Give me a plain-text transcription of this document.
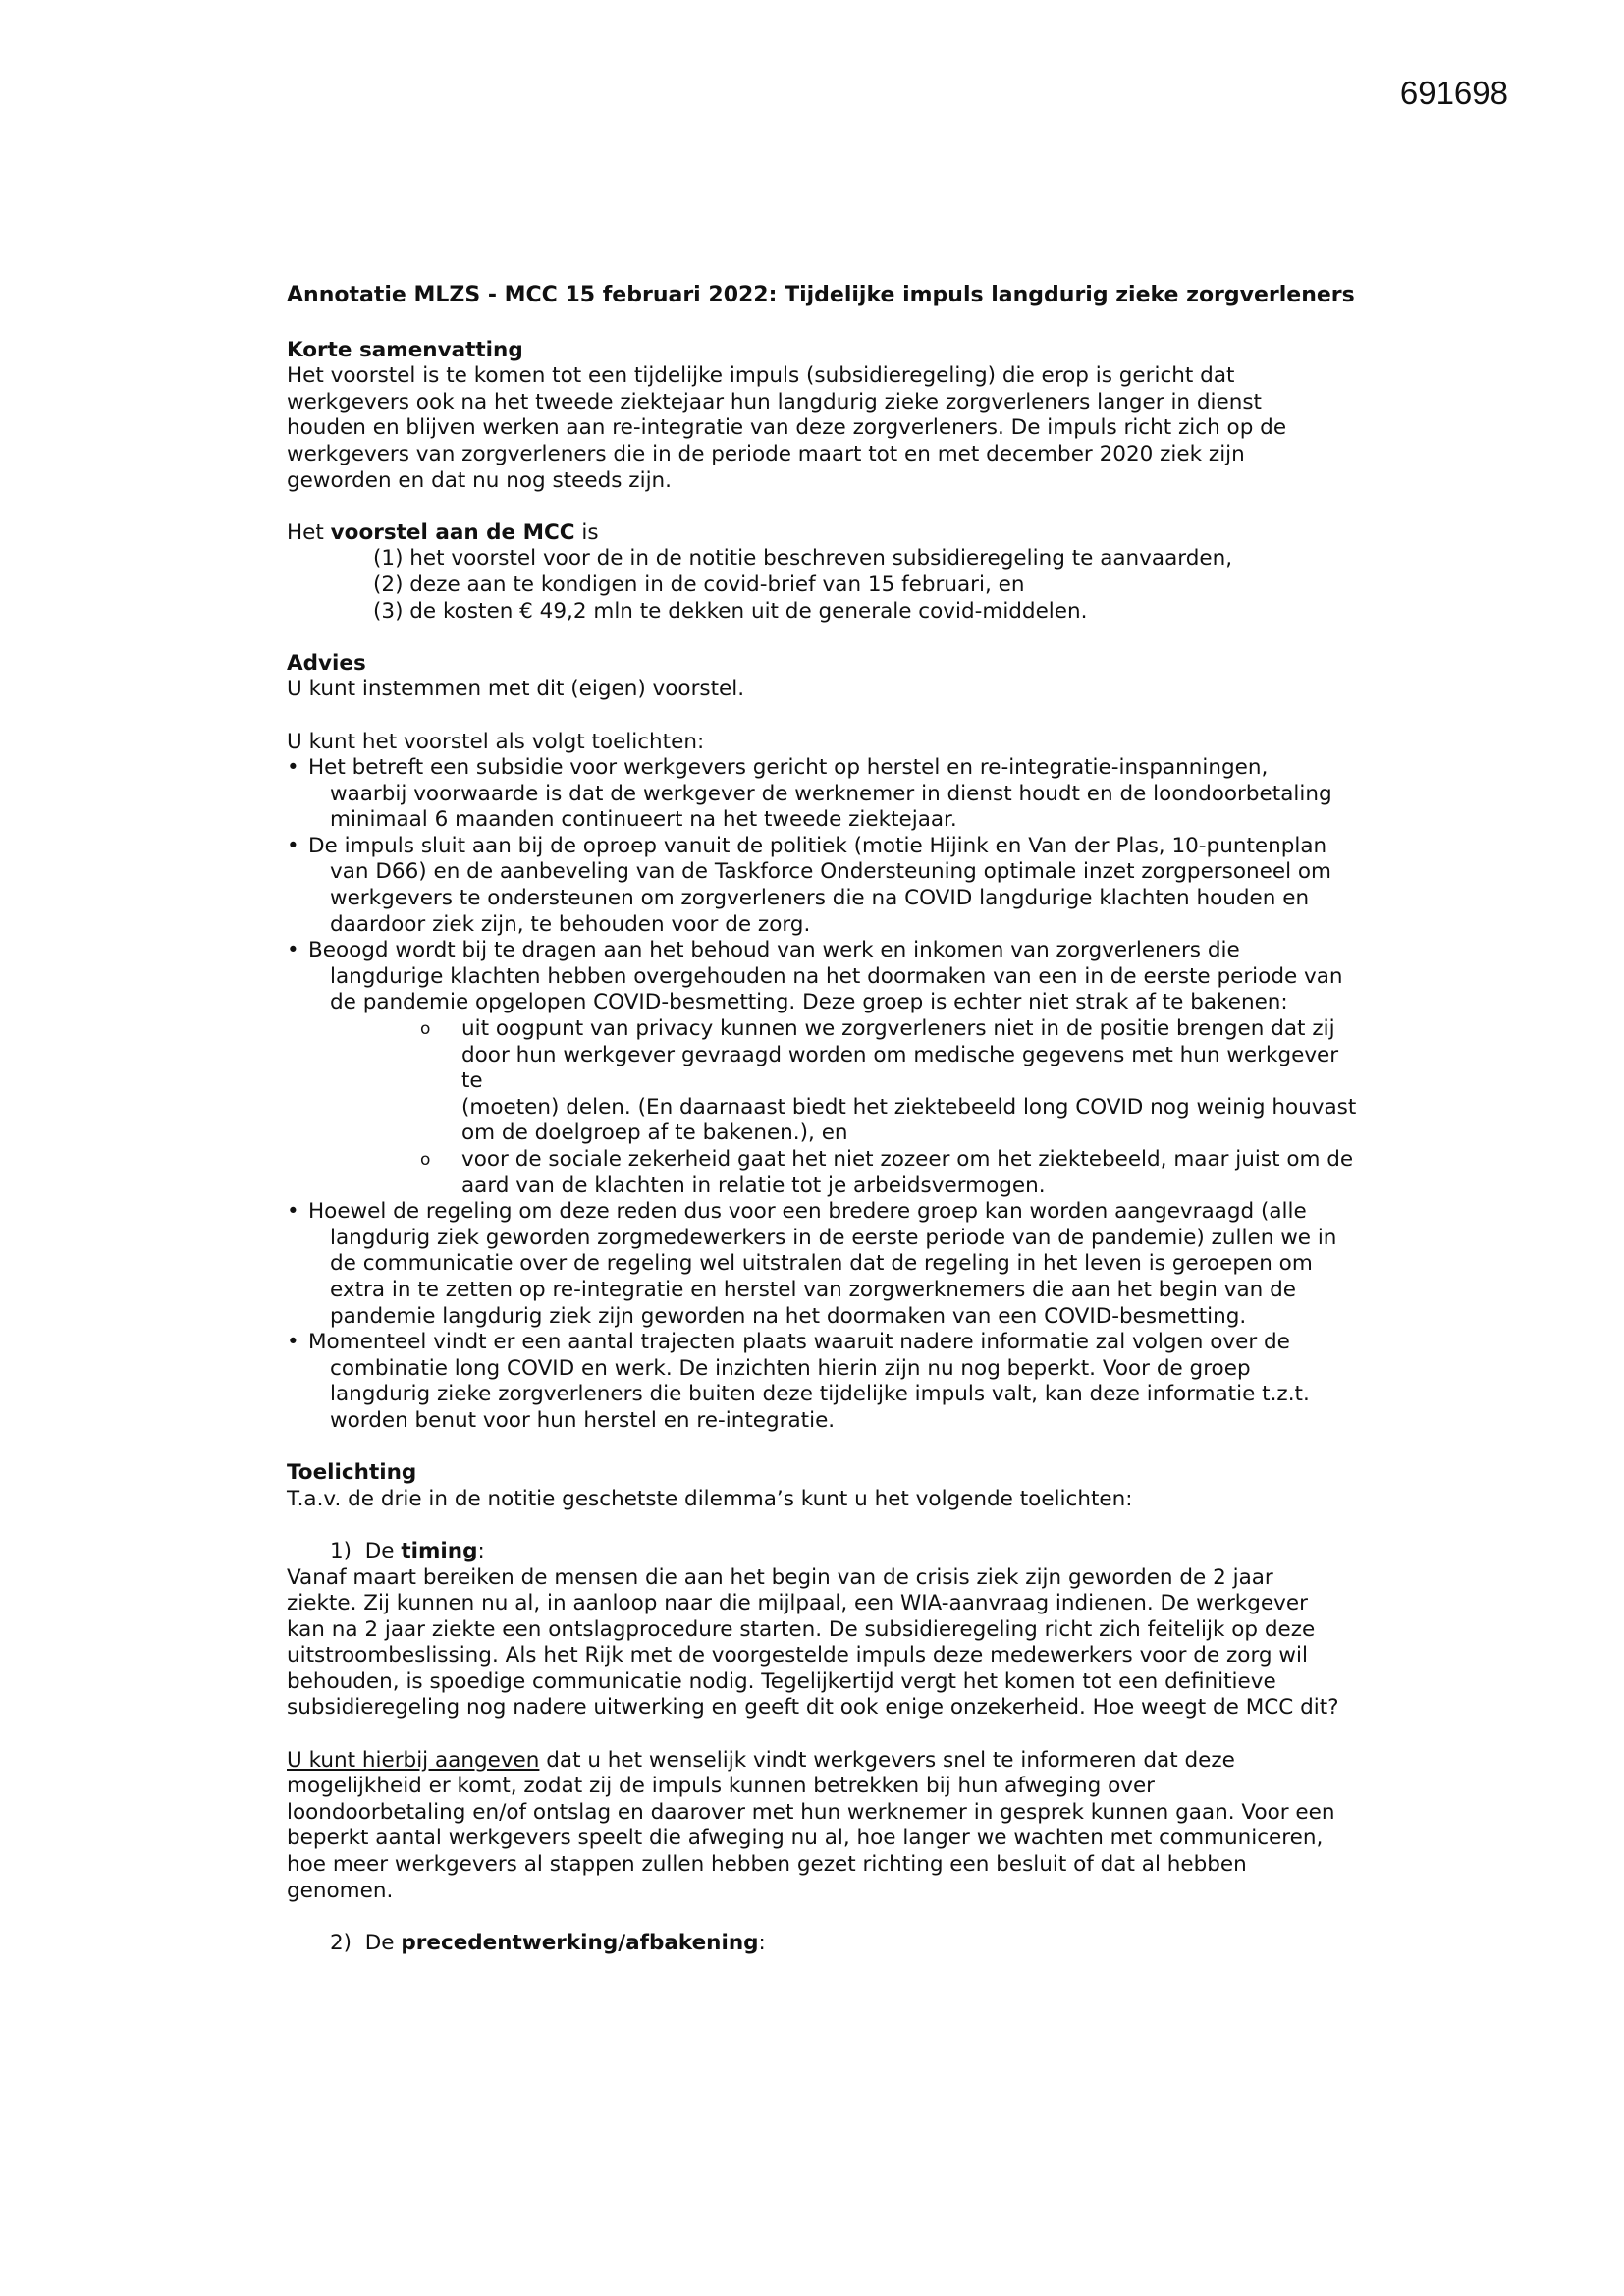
691698

Annotatie MLZS - MCC 15 februari 2022: Tijdelijke impuls langdurig zieke zorgverleners

Korte samenvatting

Het voorstel is te komen tot een tijdelijke impuls (subsidieregeling) die erop is gericht dat
werkgevers ook na het tweede ziektejaar hun langdurig zieke zorgverleners langer in dienst
houden en blijven werken aan re-integratie van deze zorgverleners. De impuls richt zich op de
werkgevers van zorgverleners die in de periode maart tot en met december 2020 ziek zijn
geworden en dat nu nog steeds zijn.

Het voorstel aan de MCC is

(1) het voorstel voor de in de notitie beschreven subsidieregeling te aanvaarden,
(2) deze aan te kondigen in de covid-brief van 15 februari, en
(3) de kosten € 49,2 mln te dekken uit de generale covid-middelen.

Advies

U kunt instemmen met dit (eigen) voorstel.

U kunt het voorstel als volgt toelichten:

• Het betreft een subsidie voor werkgevers gericht op herstel en re-integratie-inspanningen,
waarbij voorwaarde is dat de werkgever de werknemer in dienst houdt en de loondoorbetaling
minimaal 6 maanden continueert na het tweede ziektejaar.
• De impuls sluit aan bij de oproep vanuit de politiek (motie Hijink en Van der Plas, 10-puntenplan
van D66) en de aanbeveling van de Taskforce Ondersteuning optimale inzet zorgpersoneel om
werkgevers te ondersteunen om zorgverleners die na COVID langdurige klachten houden en
daardoor ziek zijn, te behouden voor de zorg.
• Beoogd wordt bij te dragen aan het behoud van werk en inkomen van zorgverleners die
langdurige klachten hebben overgehouden na het doormaken van een in de eerste periode van
de pandemie opgelopen COVID-besmetting. Deze groep is echter niet strak af te bakenen:
o uit oogpunt van privacy kunnen we zorgverleners niet in de positie brengen dat zij
door hun werkgever gevraagd worden om medische gegevens met hun werkgever te
(moeten) delen. (En daarnaast biedt het ziektebeeld long COVID nog weinig houvast
om de doelgroep af te bakenen.), en
o voor de sociale zekerheid gaat het niet zozeer om het ziektebeeld, maar juist om de
aard van de klachten in relatie tot je arbeidsvermogen.
• Hoewel de regeling om deze reden dus voor een bredere groep kan worden aangevraagd (alle
langdurig ziek geworden zorgmedewerkers in de eerste periode van de pandemie) zullen we in
de communicatie over de regeling wel uitstralen dat de regeling in het leven is geroepen om
extra in te zetten op re-integratie en herstel van zorgwerknemers die aan het begin van de
pandemie langdurig ziek zijn geworden na het doormaken van een COVID-besmetting.
• Momenteel vindt er een aantal trajecten plaats waaruit nadere informatie zal volgen over de
combinatie long COVID en werk. De inzichten hierin zijn nu nog beperkt. Voor de groep
langdurig zieke zorgverleners die buiten deze tijdelijke impuls valt, kan deze informatie t.z.t.
worden benut voor hun herstel en re-integratie.

Toelichting

T.a.v. de drie in de notitie geschetste dilemma’s kunt u het volgende toelichten:

1) De timing:

Vanaf maart bereiken de mensen die aan het begin van de crisis ziek zijn geworden de 2 jaar
ziekte. Zij kunnen nu al, in aanloop naar die mijlpaal, een WIA-aanvraag indienen. De werkgever
kan na 2 jaar ziekte een ontslagprocedure starten. De subsidieregeling richt zich feitelijk op deze
uitstroombeslissing. Als het Rijk met de voorgestelde impuls deze medewerkers voor de zorg wil
behouden, is spoedige communicatie nodig. Tegelijkertijd vergt het komen tot een definitieve
subsidieregeling nog nadere uitwerking en geeft dit ook enige onzekerheid. Hoe weegt de MCC dit?

U kunt hierbij aangeven dat u het wenselijk vindt werkgevers snel te informeren dat deze
mogelijkheid er komt, zodat zij de impuls kunnen betrekken bij hun afweging over
loondoorbetaling en/of ontslag en daarover met hun werknemer in gesprek kunnen gaan. Voor een
beperkt aantal werkgevers speelt die afweging nu al, hoe langer we wachten met communiceren,
hoe meer werkgevers al stappen zullen hebben gezet richting een besluit of dat al hebben
genomen.

2) De precedentwerking/afbakening:
